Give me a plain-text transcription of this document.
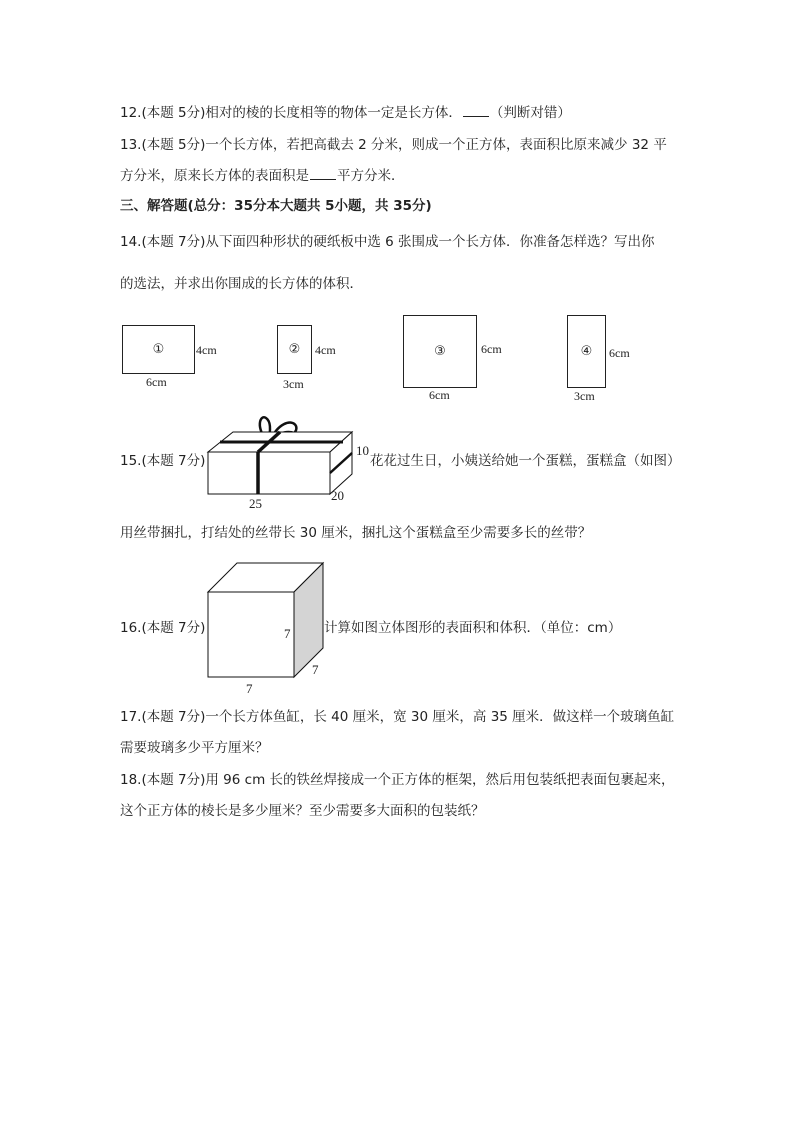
12.(本题 5分)相对的棱的长度相等的物体一定是长方体． （判断对错）
13.(本题 5分)一个长方体，若把高截去 2 分米，则成一个正方体，表面积比原来减少 32 平
方分米，原来长方体的表面积是 平方分米．
三、解答题(总分：35分本大题共 5小题，共 35分)
14.(本题 7分)从下面四种形状的硬纸板中选 6 张围成一个长方体．你准备怎样选？写出你
的选法，并求出你围成的长方体的体积．
①	4cm
6cm
② 4cm
3cm
③	6cm
6cm
④ 6cm
3cm
15.(本题 7分)	花花过生日，小姨送给她一个蛋糕，蛋糕盒（如图）
10
25
20
用丝带捆扎，打结处的丝带长 30 厘米，捆扎这个蛋糕盒至少需要多长的丝带？
16.(本题 7分)	计算如图立体图形的表面积和体积．（单位：cm）
7
7
7
17.(本题 7分)一个长方体鱼缸，长 40 厘米，宽 30 厘米，高 35 厘米．做这样一个玻璃鱼缸
需要玻璃多少平方厘米？
18.(本题 7分)用 96 cm 长的铁丝焊接成一个正方体的框架，然后用包装纸把表面包裹起来，
这个正方体的棱长是多少厘米？至少需要多大面积的包装纸？
